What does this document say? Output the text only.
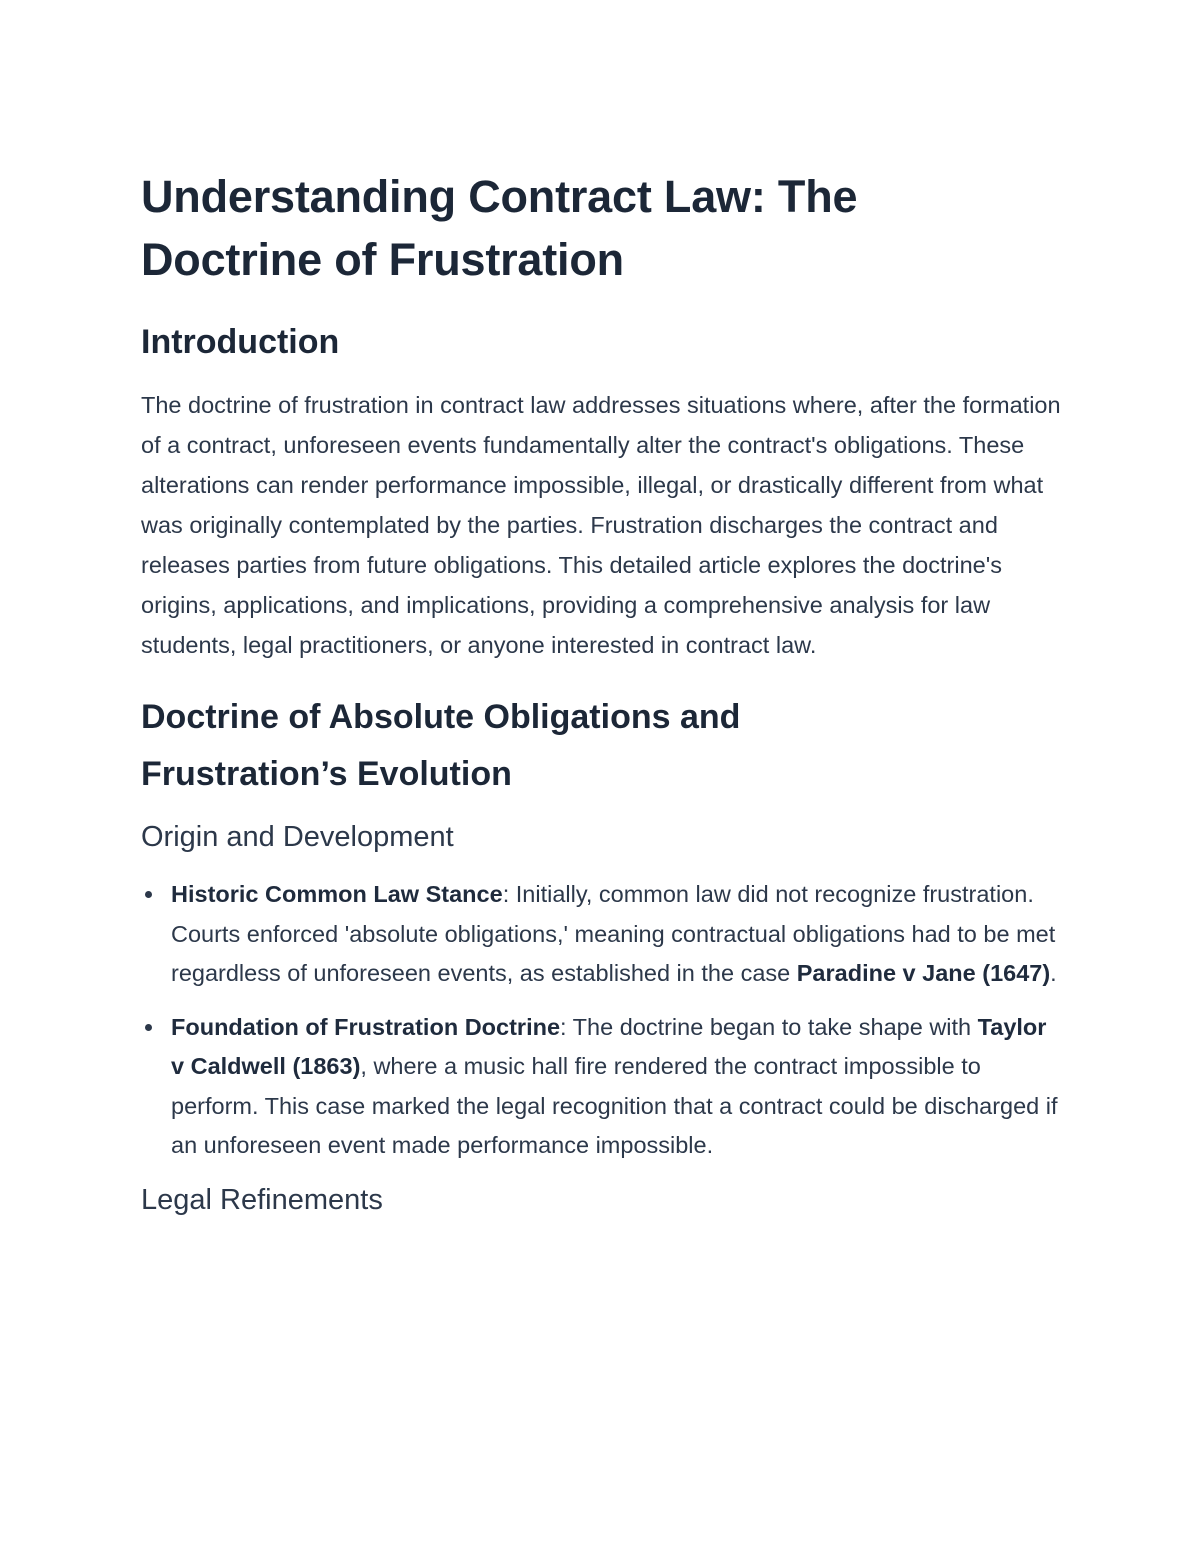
Understanding Contract Law: The
Doctrine of Frustration
Introduction

The doctrine of frustration in contract law addresses situations where, after the formation of a contract, unforeseen events fundamentally alter the contract's obligations. These alterations can render performance impossible, illegal, or drastically different from what was originally contemplated by the parties. Frustration discharges the contract and releases parties from future obligations. This detailed article explores the doctrine's origins, applications, and implications, providing a comprehensive analysis for law students, legal practitioners, or anyone interested in contract law.

Doctrine of Absolute Obligations and
Frustration’s Evolution
Origin and Development
Historic Common Law Stance: Initially, common law did not recognize frustration. Courts enforced 'absolute obligations,' meaning contractual obligations had to be met regardless of unforeseen events, as established in the case Paradine v Jane (1647).
Foundation of Frustration Doctrine: The doctrine began to take shape with Taylor v Caldwell (1863), where a music hall fire rendered the contract impossible to perform. This case marked the legal recognition that a contract could be discharged if an unforeseen event made performance impossible.
Legal Refinements
